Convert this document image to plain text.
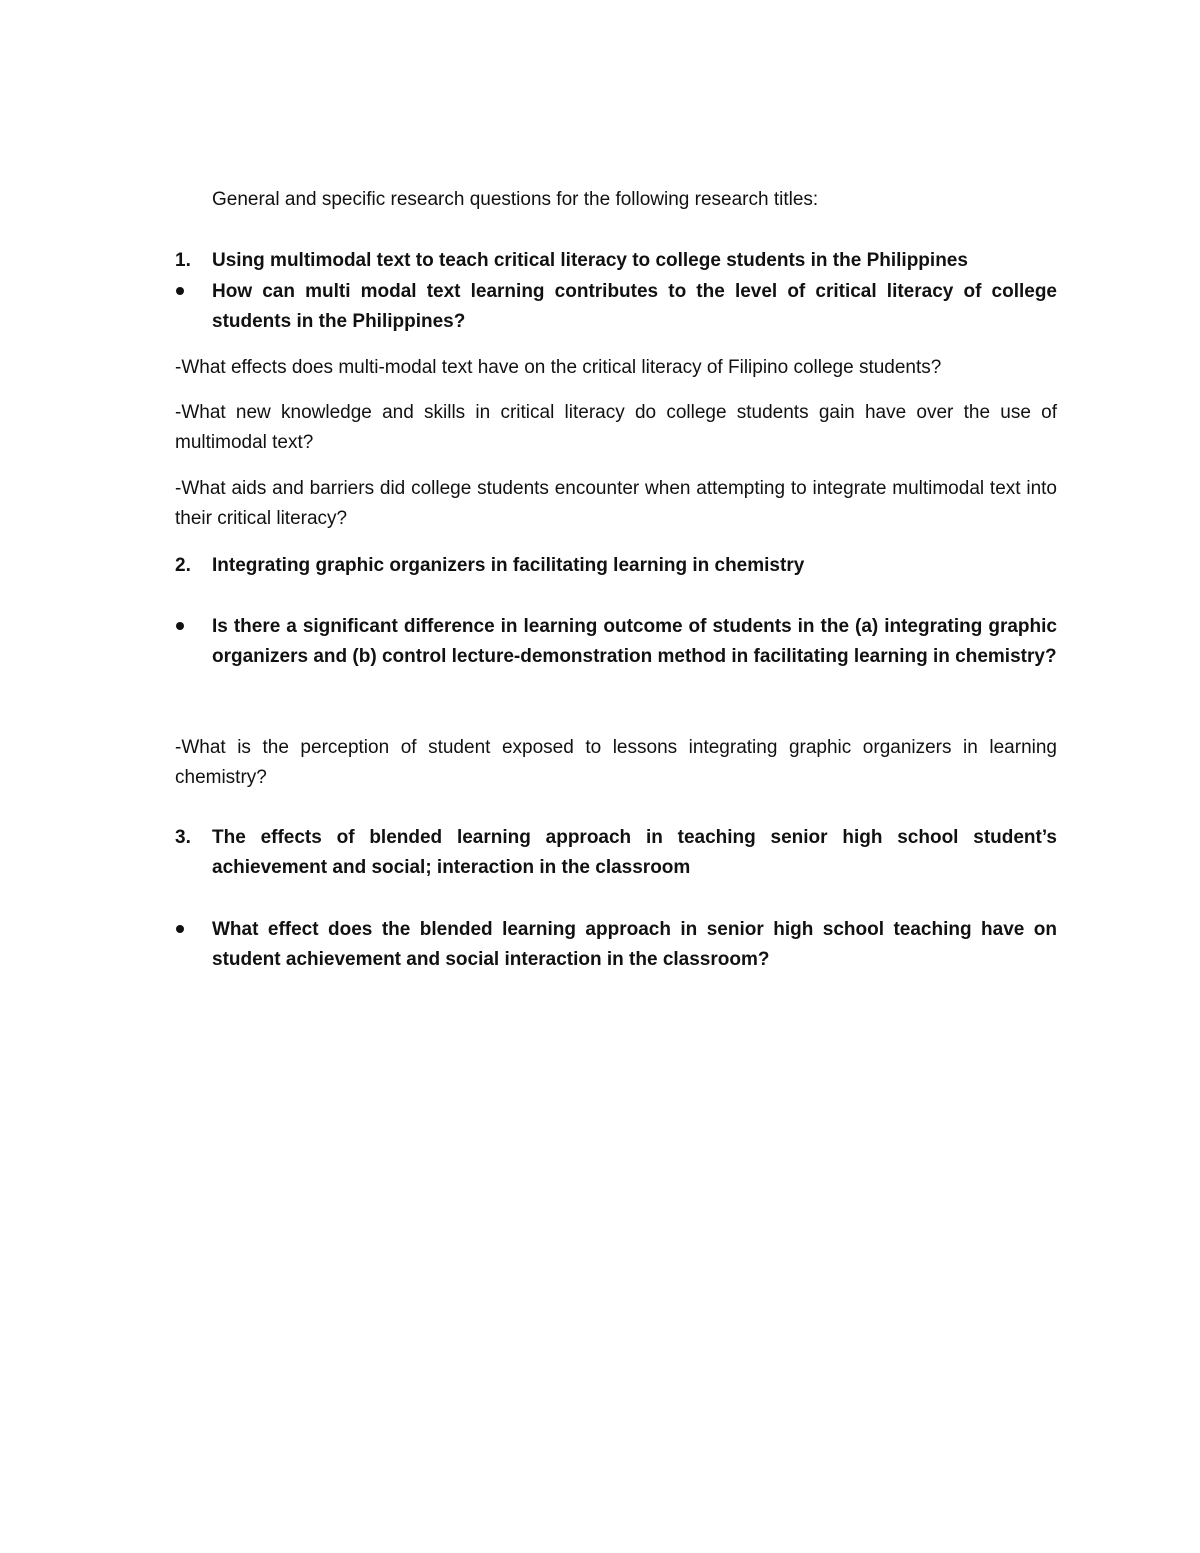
General and specific research questions for the following research titles:
1. Using multimodal text to teach critical literacy to college students in the Philippines
How can multi modal text learning contributes to the level of critical literacy of college students in the Philippines?
-What effects does multi-modal text have on the critical literacy of Filipino college students?
-What new knowledge and skills in critical literacy do college students gain have over the use of multimodal text?
-What aids and barriers did college students encounter when attempting to integrate multimodal text into their critical literacy?
2. Integrating graphic organizers in facilitating learning in chemistry
Is there a significant difference in learning outcome of students in the (a) integrating graphic organizers and (b) control lecture-demonstration method in facilitating learning in chemistry?
-What is the perception of student exposed to lessons integrating graphic organizers in learning chemistry?
3. The effects of blended learning approach in teaching senior high school student’s achievement and social; interaction in the classroom
What effect does the blended learning approach in senior high school teaching have on student achievement and social interaction in the classroom?
